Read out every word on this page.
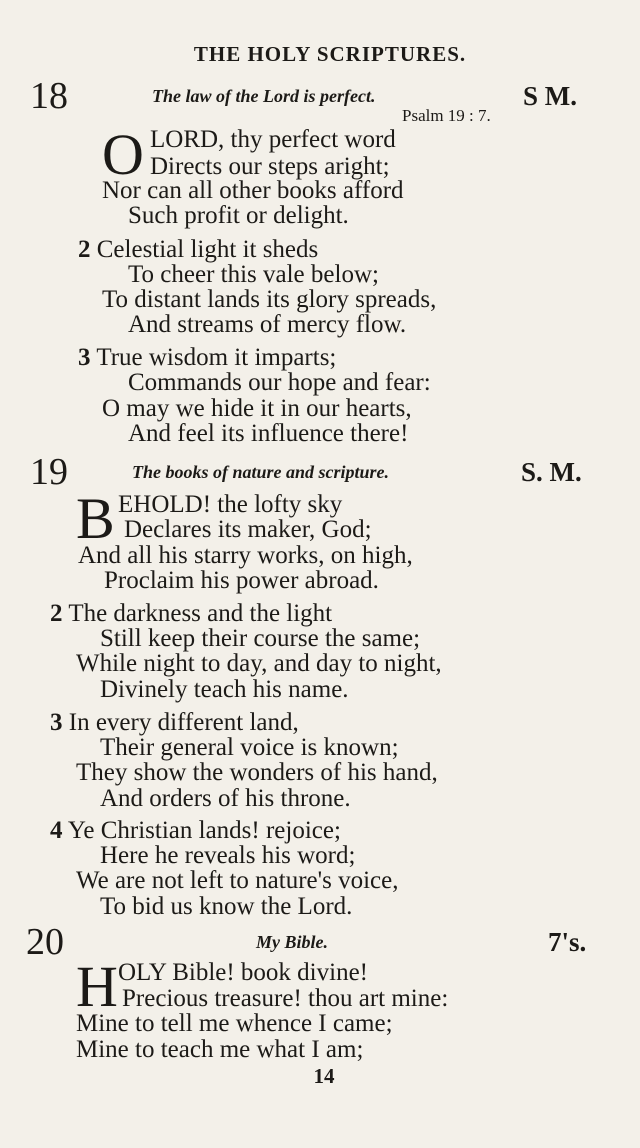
THE HOLY SCRIPTURES.
18	The law of the Lord is perfect.	S M.
Psalm 19 : 7.
O LORD, thy perfect word
Directs our steps aright;
Nor can all other books afford
Such profit or delight.
2 Celestial light it sheds
To cheer this vale below;
To distant lands its glory spreads,
And streams of mercy flow.
3 True wisdom it imparts;
Commands our hope and fear:
O may we hide it in our hearts,
And feel its influence there!
19	The books of nature and scripture.	S. M.
B EHOLD! the lofty sky
Declares its maker, God;
And all his starry works, on high,
Proclaim his power abroad.
2 The darkness and the light
Still keep their course the same;
While night to day, and day to night,
Divinely teach his name.
3 In every different land,
Their general voice is known;
They show the wonders of his hand,
And orders of his throne.
4 Ye Christian lands! rejoice;
Here he reveals his word;
We are not left to nature's voice,
To bid us know the Lord.
20	My Bible.	7's.
H OLY Bible! book divine!
Precious treasure! thou art mine:
Mine to tell me whence I came;
Mine to teach me what I am;
14
